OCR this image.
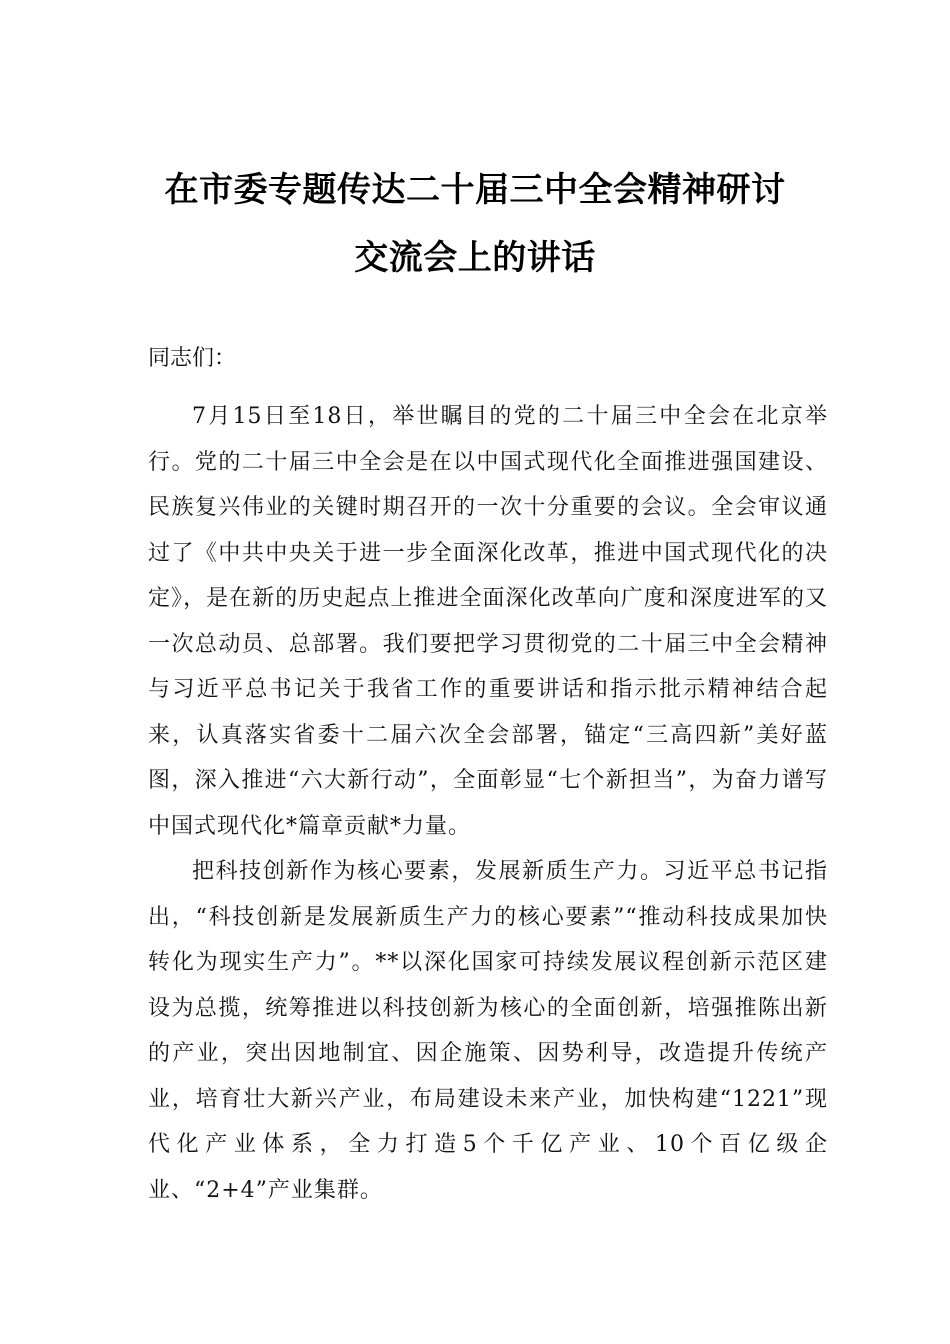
在市委专题传达二十届三中全会精神研讨
交流会上的讲话
同志们：

7月15日至18日，举世瞩目的党的二十届三中全会在北京举行。党的二十届三中全会是在以中国式现代化全面推进强国建设、民族复兴伟业的关键时期召开的一次十分重要的会议。全会审议通过了《中共中央关于进一步全面深化改革，推进中国式现代化的决定》，是在新的历史起点上推进全面深化改革向广度和深度进军的又一次总动员、总部署。我们要把学习贯彻党的二十届三中全会精神与习近平总书记关于我省工作的重要讲话和指示批示精神结合起来，认真落实省委十二届六次全会部署，锚定“三高四新”美好蓝图，深入推进“六大新行动”，全面彰显“七个新担当”，为奋力谱写中国式现代化*篇章贡献*力量。

把科技创新作为核心要素，发展新质生产力。习近平总书记指出，“科技创新是发展新质生产力的核心要素”“推动科技成果加快转化为现实生产力”。**以深化国家可持续发展议程创新示范区建设为总揽，统筹推进以科技创新为核心的全面创新，培强推陈出新的产业，突出因地制宜、因企施策、因势利导，改造提升传统产业，培育壮大新兴产业，布局建设未来产业，加快构建“1221”现代化产业体系，全力打造5个千亿产业、10个百亿级企业、“2+4”产业集群。
